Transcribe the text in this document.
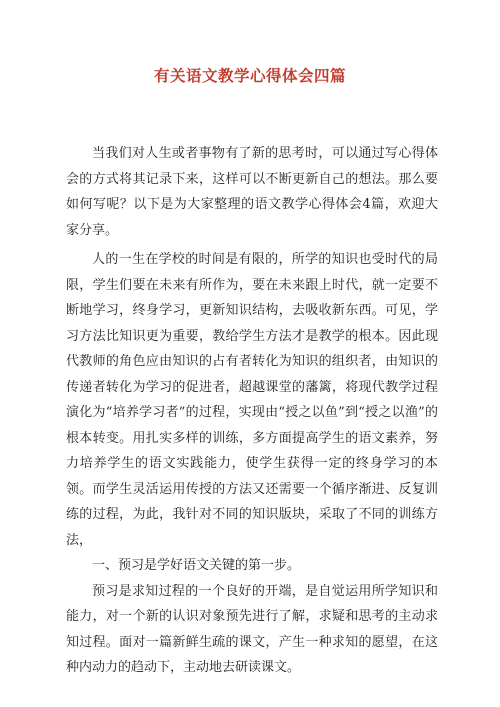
有关语文教学心得体会四篇

当我们对人生或者事物有了新的思考时，可以通过写心得体会的方式将其记录下来，这样可以不断更新自己的想法。那么要如何写呢？以下是为大家整理的语文教学心得体会4篇，欢迎大家分享。

人的一生在学校的时间是有限的，所学的知识也受时代的局限，学生们要在未来有所作为，要在未来跟上时代，就一定要不断地学习，终身学习，更新知识结构，去吸收新东西。可见，学习方法比知识更为重要，教给学生方法才是教学的根本。因此现代教师的角色应由知识的占有者转化为知识的组织者，由知识的传递者转化为学习的促进者，超越课堂的藩篱，将现代教学过程演化为“培养学习者”的过程，实现由“授之以鱼”到“授之以渔”的根本转变。用扎实多样的训练，多方面提高学生的语文素养，努力培养学生的语文实践能力，使学生获得一定的终身学习的本领。而学生灵活运用传授的方法又还需要一个循序渐进、反复训练的过程，为此，我针对不同的知识版块，采取了不同的训练方法，

一、预习是学好语文关键的第一步。

预习是求知过程的一个良好的开端，是自觉运用所学知识和能力，对一个新的认识对象预先进行了解，求疑和思考的主动求知过程。面对一篇新鲜生疏的课文，产生一种求知的愿望，在这种内动力的趋动下，主动地去研读课文。
